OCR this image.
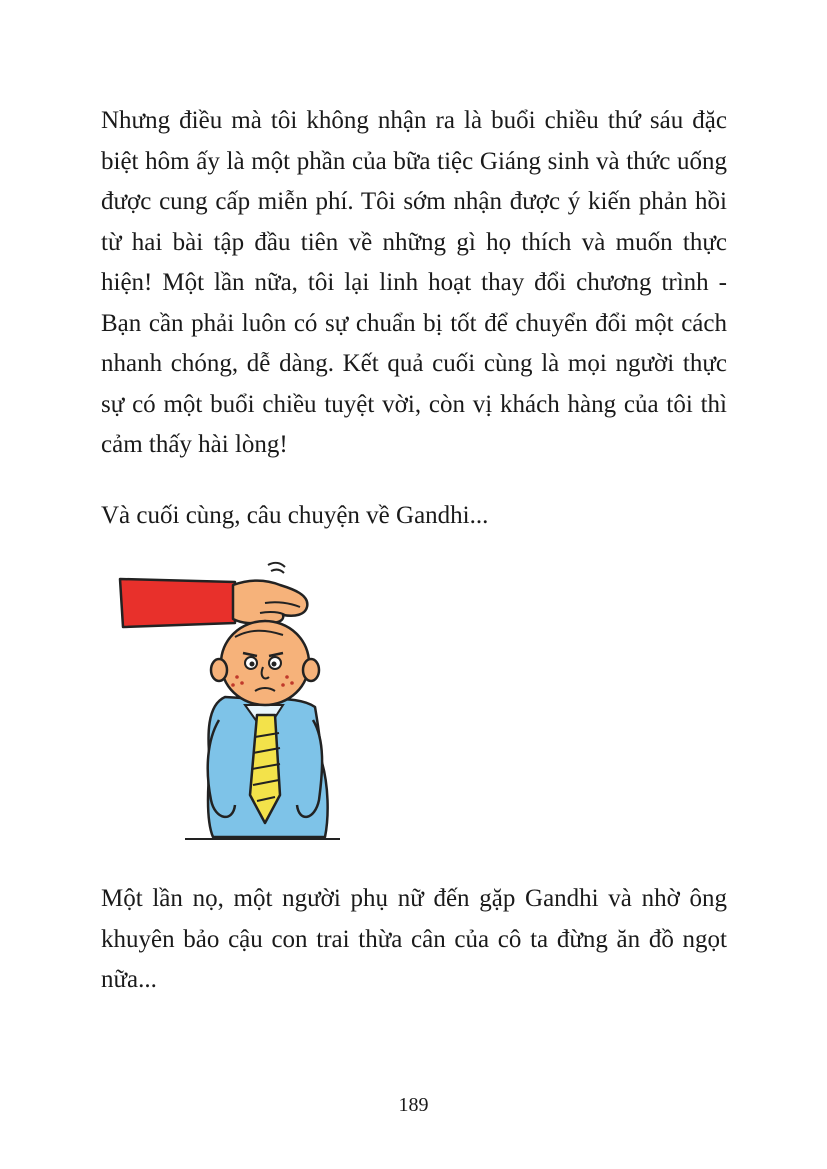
Nhưng điều mà tôi không nhận ra là buổi chiều thứ sáu đặc biệt hôm ấy là một phần của bữa tiệc Giáng sinh và thức uống được cung cấp miễn phí. Tôi sớm nhận được ý kiến phản hồi từ hai bài tập đầu tiên về những gì họ thích và muốn thực hiện! Một lần nữa, tôi lại linh hoạt thay đổi chương trình - Bạn cần phải luôn có sự chuẩn bị tốt để chuyển đổi một cách nhanh chóng, dễ dàng. Kết quả cuối cùng là mọi người thực sự có một buổi chiều tuyệt vời, còn vị khách hàng của tôi thì cảm thấy hài lòng!

Và cuối cùng, câu chuyện về Gandhi...

Một lần nọ, một người phụ nữ đến gặp Gandhi và nhờ ông khuyên bảo cậu con trai thừa cân của cô ta đừng ăn đồ ngọt nữa...

189
